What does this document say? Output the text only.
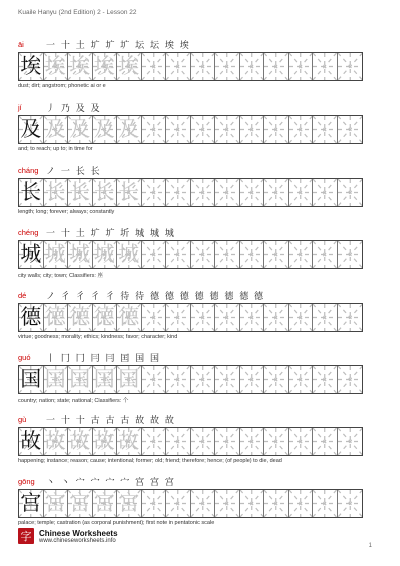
Kuaile Hanyu (2nd Edition) 2 - Lesson 22
āi 一 十 土 圹 圹 圹 坛 坛 埃 埃
埃 埃 埃 埃 埃
dust; dirt; angstrom; phonetic ai or e
jí	丿 乃 及 及
及 及 及 及 及
and; to reach; up to; in time for
cháng ノ 一 长 长
长 长 长 长 长
length; long; forever; always; constantly
chéng 一 十 土 圹 圹 圻 城 城 城
城 城 城 城 城
city walls; city; town; Classifiers: 座
dé ノ 彳 彳 彳 彳 待 待 德 德 德 德 德 德 德 德
德 德 德 德 德
virtue; goodness; morality; ethics; kindness; favor; character; kind
guó 丨 冂 冂 冃 冃 囯 国 国
国 国 国 国 国
country; nation; state; national; Classifiers: 个
gù 一 十 十 古 古 古 故 故 故
故 故 故 故 故
happening; instance; reason; cause; intentional; former; old; friend; therefore; hence; (of people) to die, dead
gōng 丶 丶 宀 宀 宀 宀 宫 宫 宫
宫 宫 宫 宫 宫
palace; temple; castration (as corporal punishment); first note in pentatonic scale
字 Chinese Worksheets
www.chineseworksheets.info
1
